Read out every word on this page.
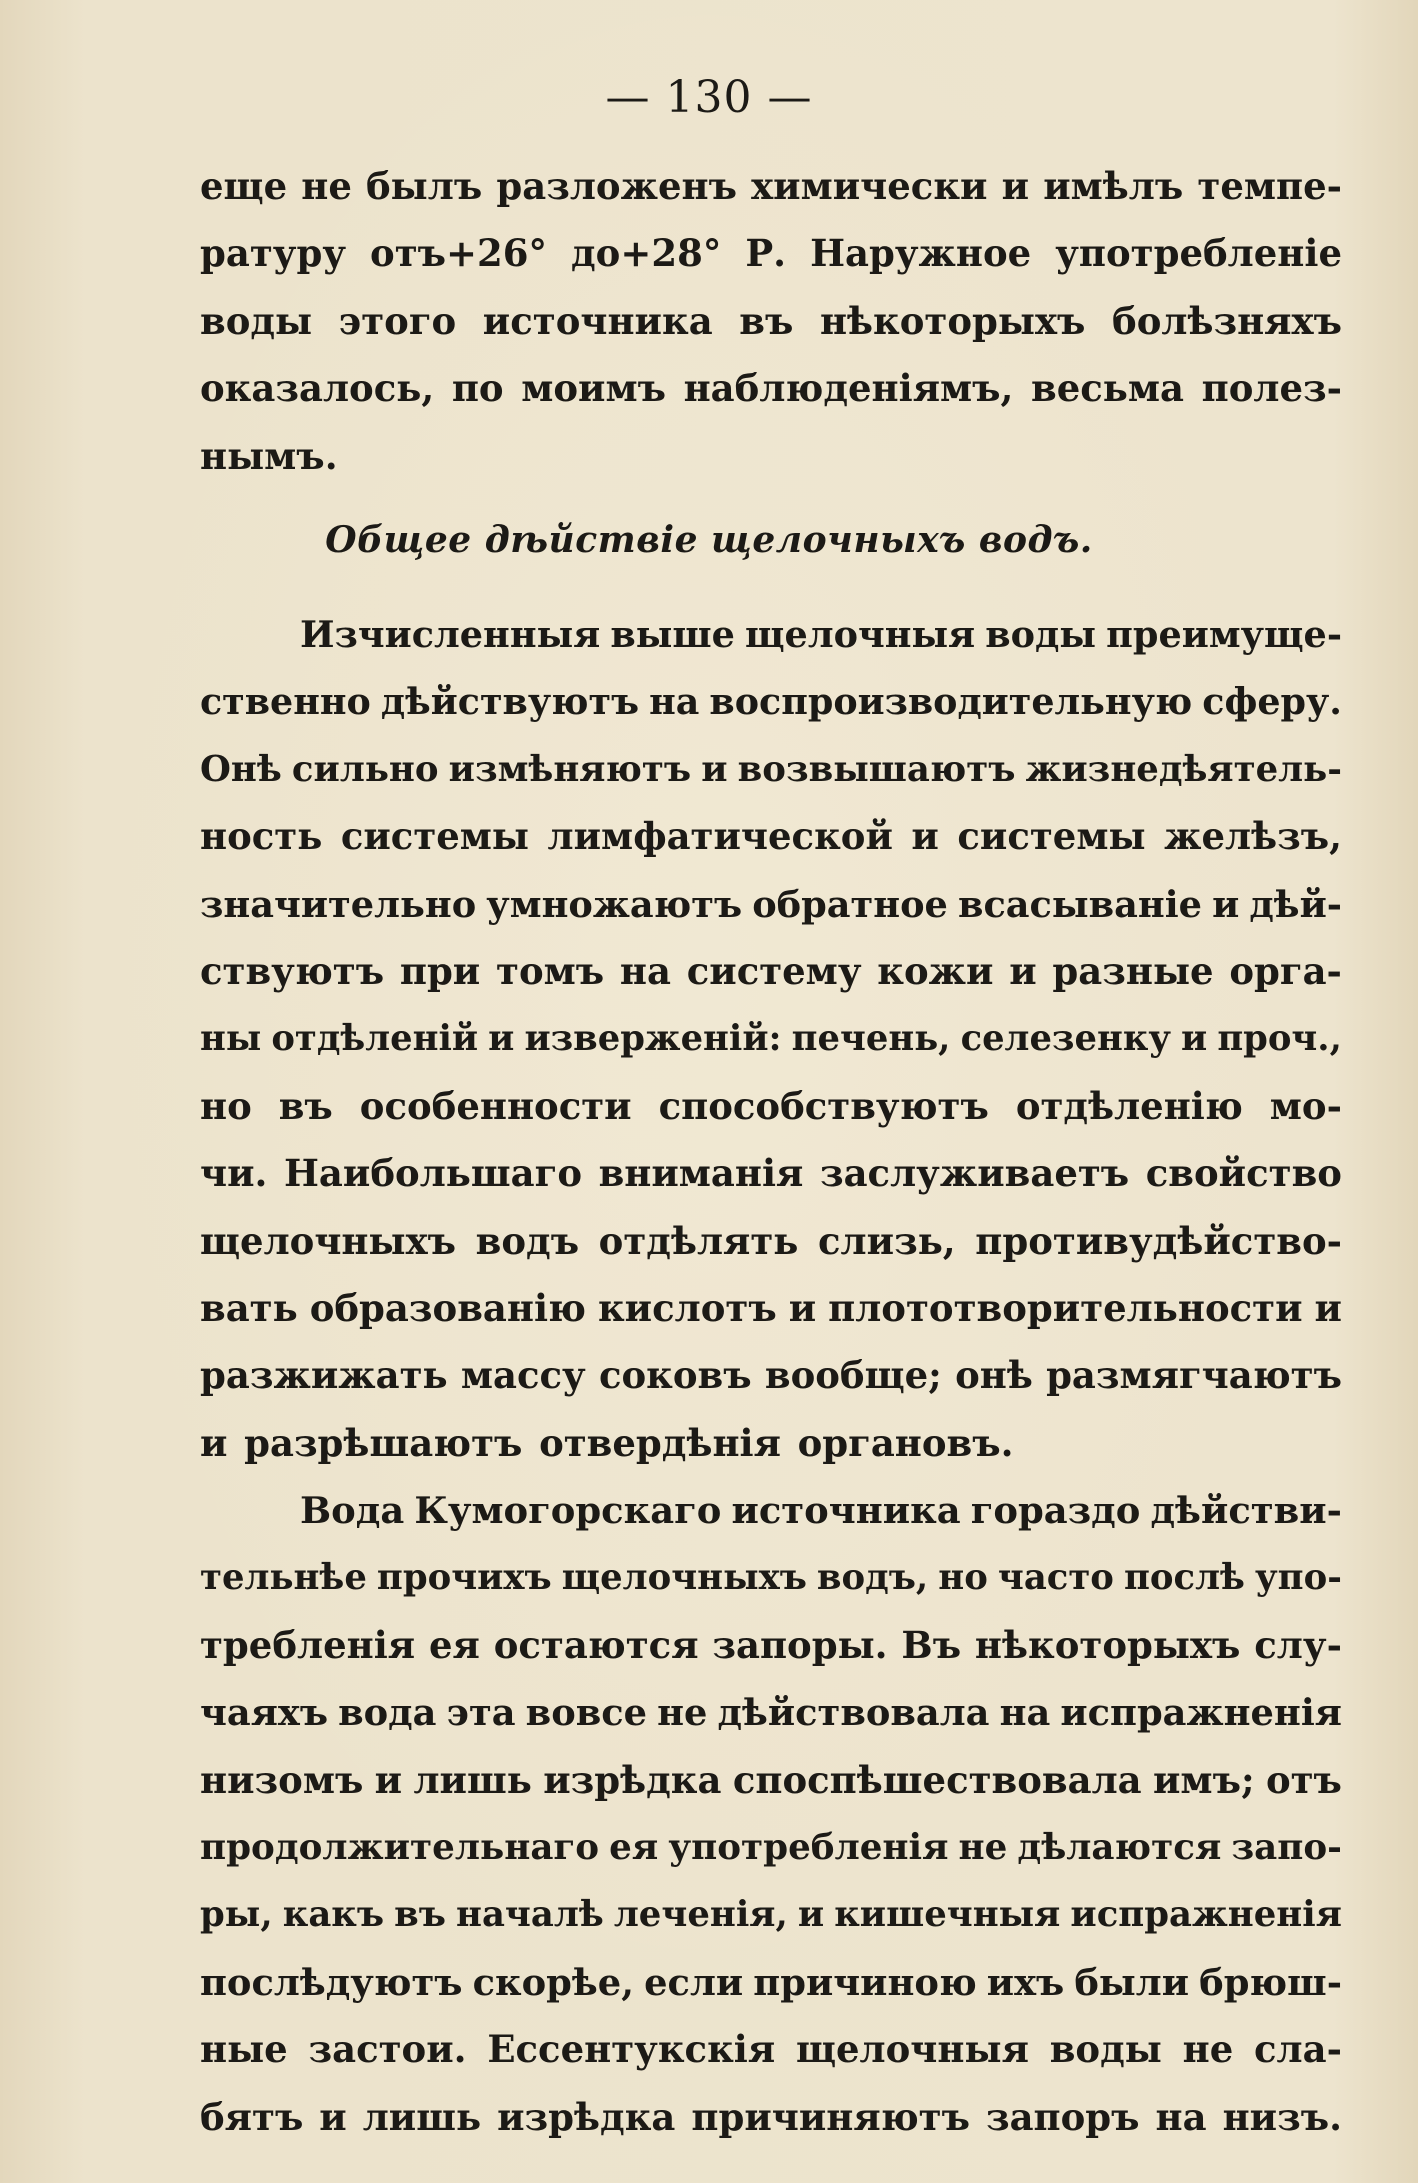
— 130 —
еще не былъ разложенъ химически и имѣлъ темпе-
ратуру отъ+26° до+28° Р. Наружное употребленіе
воды этого источника въ нѣкоторыхъ болѣзняхъ
оказалось, по моимъ наблюденіямъ, весьма полез-
нымъ.
Общее дѣйствіе щелочныхъ водъ.
Изчисленныя выше щелочныя воды преимуще-
ственно дѣйствуютъ на воспроизводительную сферу.
Онѣ сильно измѣняютъ и возвышаютъ жизнедѣятель-
ность системы лимфатической и системы желѣзъ,
значительно умножаютъ обратное всасываніе и дѣй-
ствуютъ при томъ на систему кожи и разные орга-
ны отдѣленій и изверженій: печень, селезенку и проч.,
но въ особенности способствуютъ отдѣленію мо-
чи. Наибольшаго вниманія заслуживаетъ свойство
щелочныхъ водъ отдѣлять слизь, противудѣйство-
вать образованію кислотъ и плототворительности и
разжижать массу соковъ вообще; онѣ размягчаютъ
и разрѣшаютъ отвердѣнія органовъ.
Вода Кумогорскаго источника гораздо дѣйстви-
тельнѣе прочихъ щелочныхъ водъ, но часто послѣ упо-
требленія ея остаются запоры. Въ нѣкоторыхъ слу-
чаяхъ вода эта вовсе не дѣйствовала на испражненія
низомъ и лишь изрѣдка споспѣшествовала имъ; отъ
продолжительнаго ея употребленія не дѣлаются запо-
ры, какъ въ началѣ леченія, и кишечныя испражненія
послѣдуютъ скорѣе, если причиною ихъ были брюш-
ные застои. Ессентукскія щелочныя воды не сла-
бятъ и лишь изрѣдка причиняютъ запоръ на низъ.
